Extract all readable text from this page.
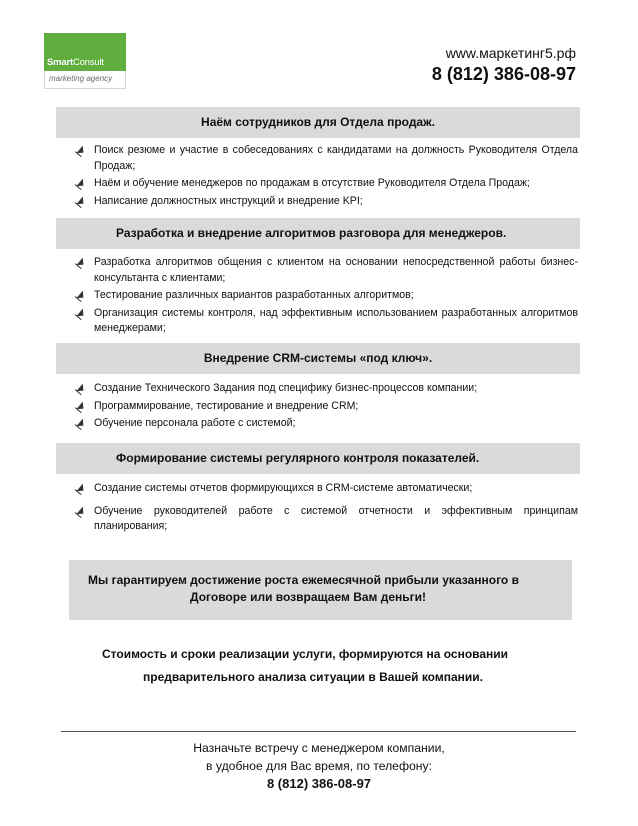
SmartConsult
marketing agency
www.маркетинг5.рф
8 (812) 386-08-97
Наём сотрудников для Отдела продаж.
Поиск резюме и участие в собеседованиях с кандидатами на должность Руководителя Отдела Продаж;
Наём и обучение менеджеров по продажам в отсутствие Руководителя Отдела Продаж;
Написание должностных инструкций и внедрение KPI;
Разработка и внедрение алгоритмов разговора для менеджеров.
Разработка алгоритмов общения с клиентом на основании непосредственной работы бизнес-консультанта с клиентами;
Тестирование различных вариантов разработанных алгоритмов;
Организация системы контроля, над эффективным использованием разработанных алгоритмов менеджерами;
Внедрение CRM-системы «под ключ».
Создание Технического Задания под специфику бизнес-процессов компании;
Программирование, тестирование и внедрение CRM;
Обучение персонала работе с системой;
Формирование системы регулярного контроля показателей.
Создание системы отчетов формирующихся в CRM-системе автоматически;
Обучение руководителей работе с системой отчетности и эффективным принципам планирования;
Мы гарантируем достижение роста ежемесячной прибыли указанного в
Договоре или возвращаем Вам деньги!
Стоимость и сроки реализации услуги, формируются на основании
предварительного анализа ситуации в Вашей компании.
Назначьте встречу с менеджером компании,
в удобное для Вас время, по телефону:
8 (812) 386-08-97
